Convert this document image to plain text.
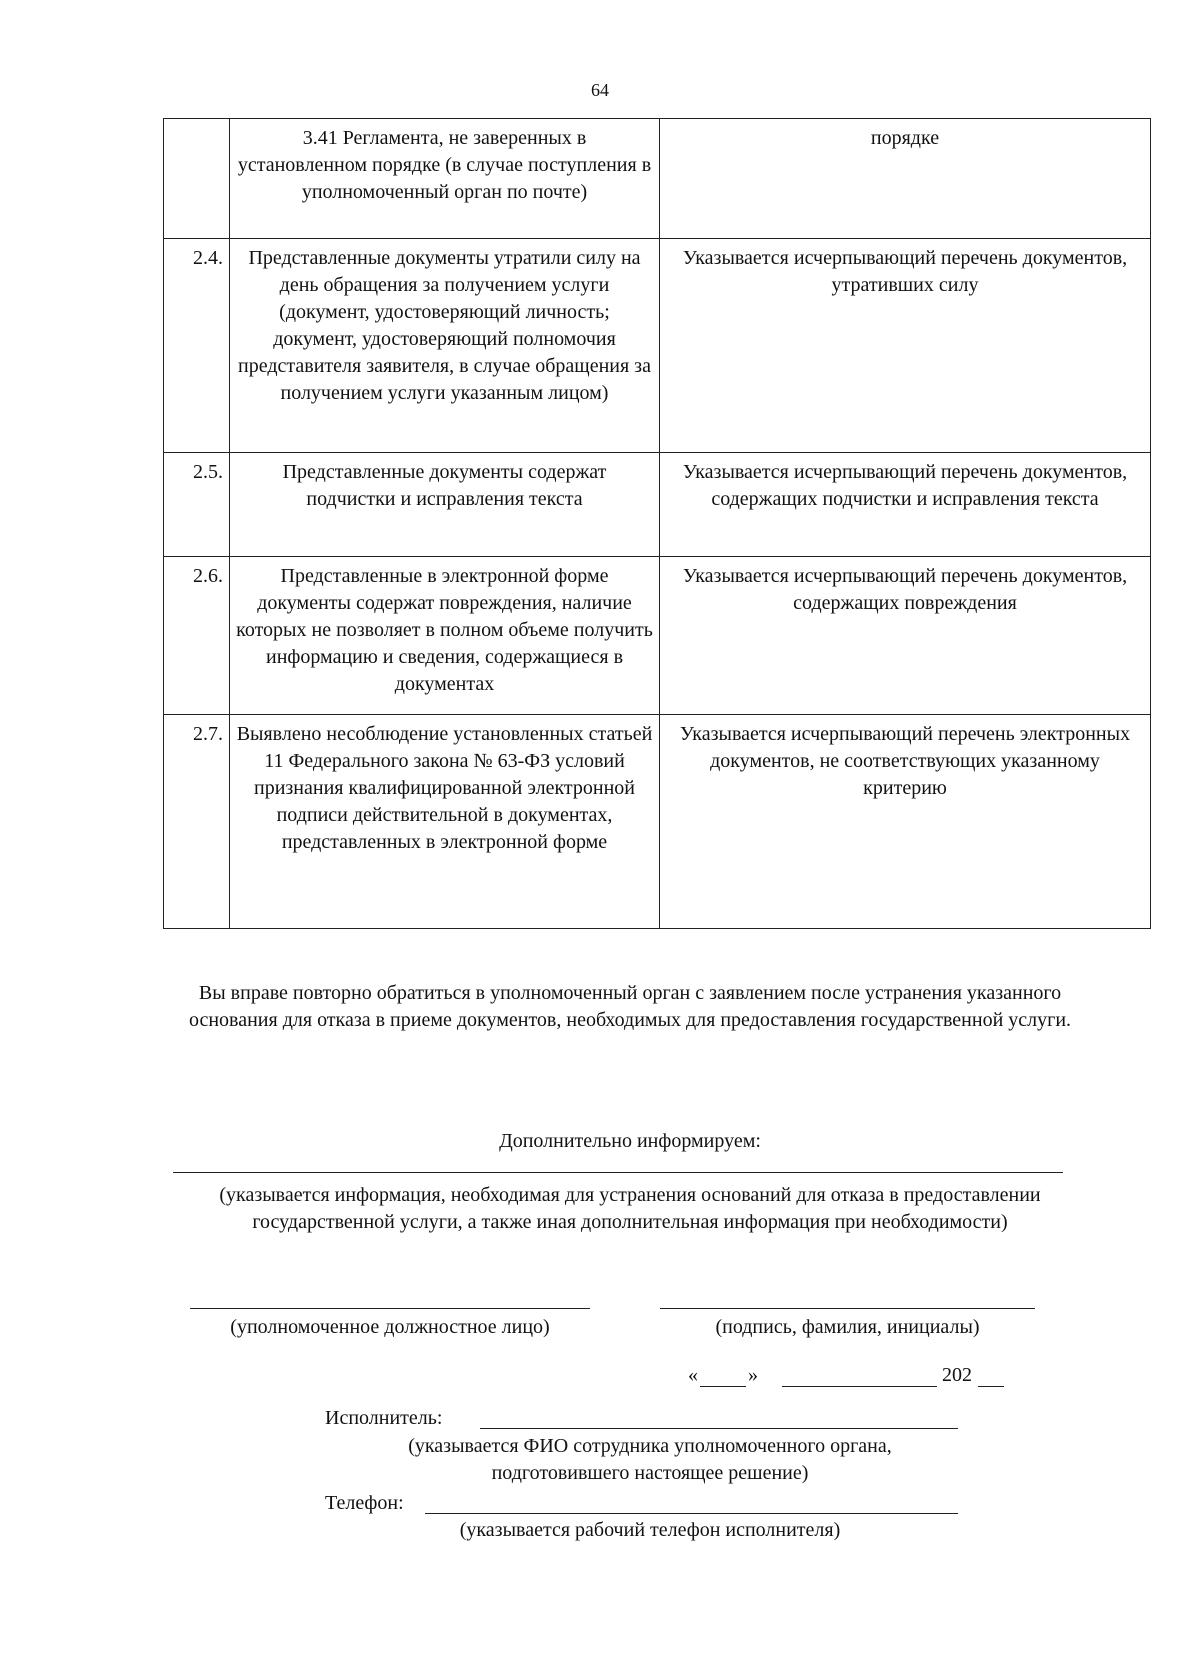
64
	3.41 Регламента, не заверенных в установленном порядке (в случае поступления в уполномоченный орган по почте)	порядке
2.4.	Представленные документы утратили силу на день обращения за получением услуги (документ, удостоверяющий личность; документ, удостоверяющий полномочия представителя заявителя, в случае обращения за получением услуги указанным лицом)	Указывается исчерпывающий перечень документов, утративших силу
2.5.	Представленные документы содержат подчистки и исправления текста	Указывается исчерпывающий перечень документов, содержащих подчистки и исправления текста
2.6.	Представленные в электронной форме документы содержат повреждения, наличие которых не позволяет в полном объеме получить информацию и сведения, содержащиеся в документах	Указывается исчерпывающий перечень документов, содержащих повреждения
2.7.	Выявлено несоблюдение установленных статьей 11 Федерального закона № 63-ФЗ условий признания квалифицированной электронной подписи действительной в документах, представленных в электронной форме	Указывается исчерпывающий перечень электронных документов, не соответствующих указанному критерию
Вы вправе повторно обратиться в уполномоченный орган с заявлением после устранения указанного основания для отказа в приеме документов, необходимых для предоставления государственной услуги.
Дополнительно информируем:
(указывается информация, необходимая для устранения оснований для отказа в предоставлении государственной услуги, а также иная дополнительная информация при необходимости)
(уполномоченное должностное лицо)	(подпись, фамилия, инициалы)
«	»	202
Исполнитель:
(указывается ФИО сотрудника уполномоченного органа,
подготовившего настоящее решение)
Телефон:
(указывается рабочий телефон исполнителя)
